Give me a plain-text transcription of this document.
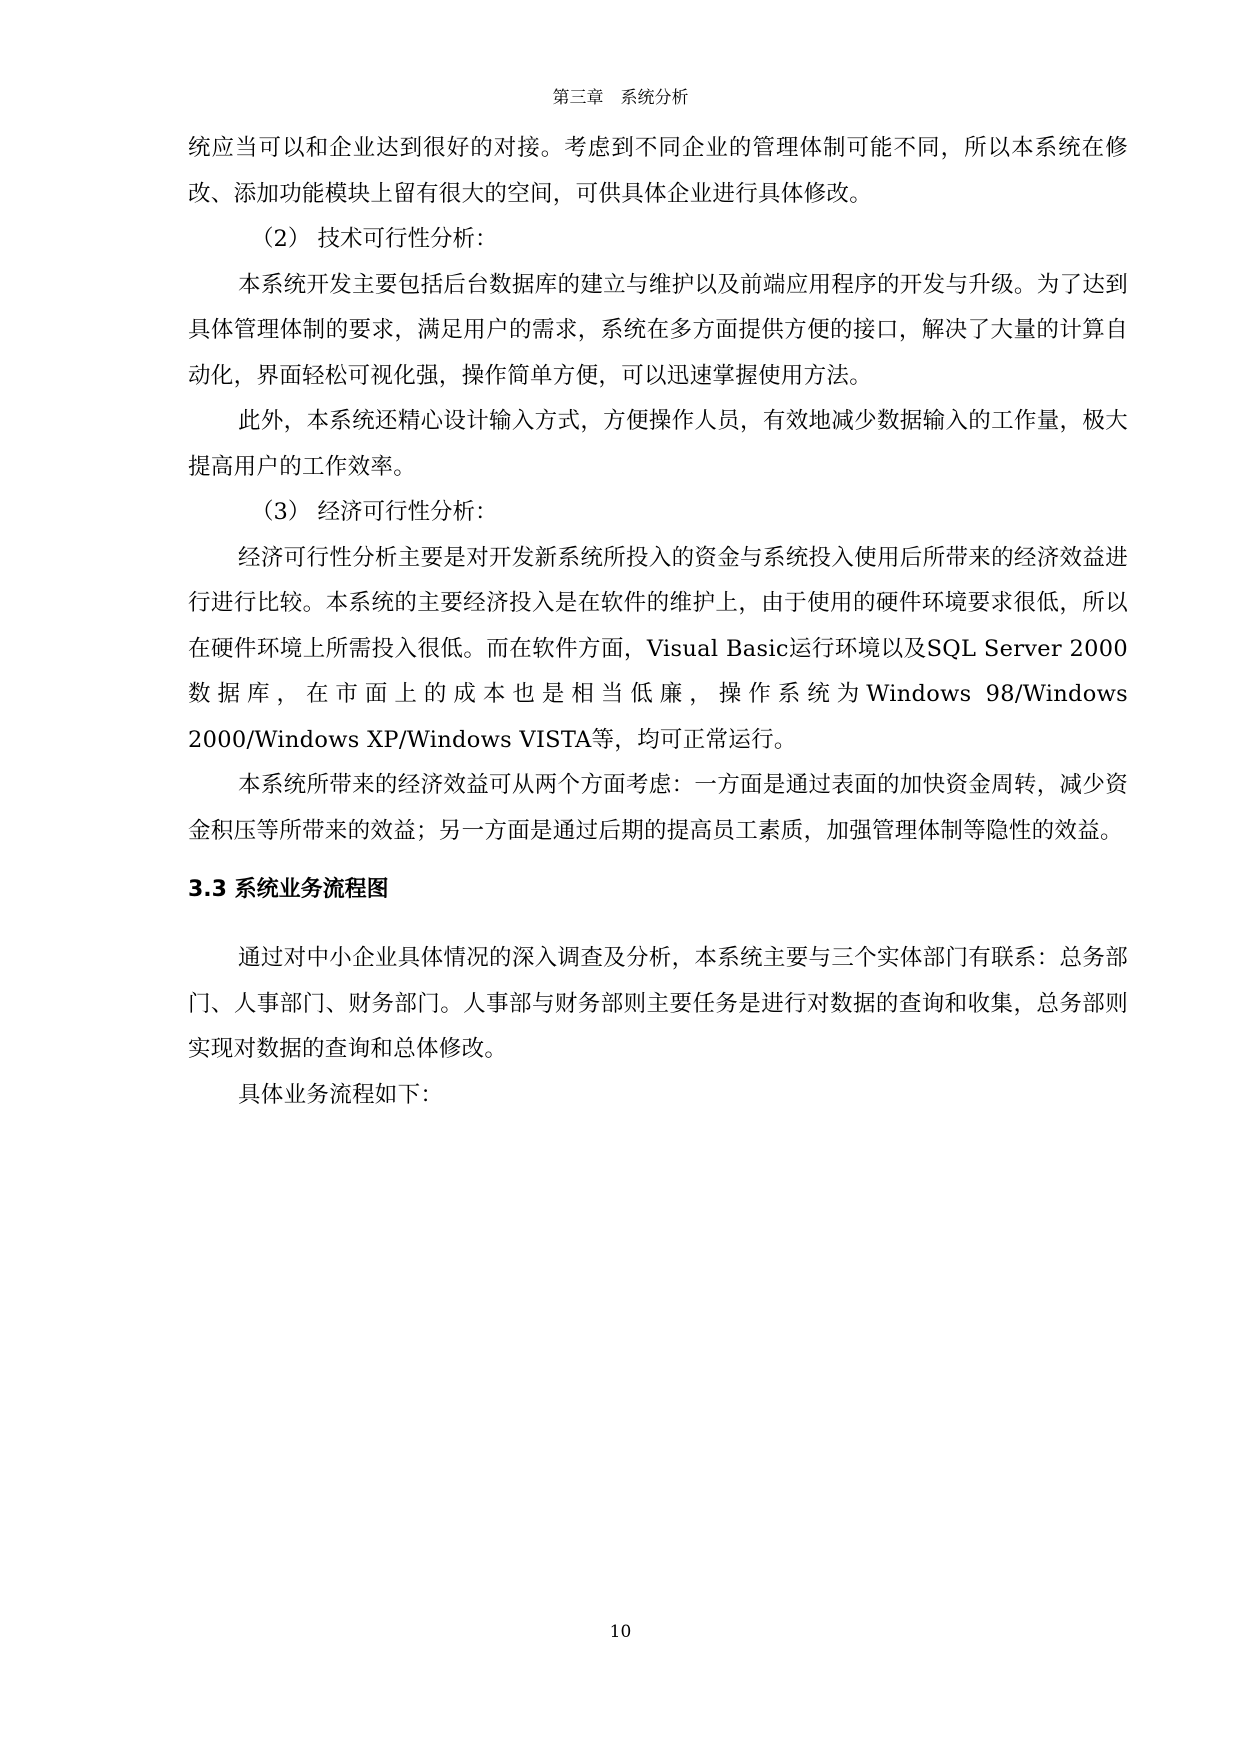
第三章　系统分析

统应当可以和企业达到很好的对接。考虑到不同企业的管理体制可能不同，所以本系统在修改、添加功能模块上留有很大的空间，可供具体企业进行具体修改。

（2） 技术可行性分析：

本系统开发主要包括后台数据库的建立与维护以及前端应用程序的开发与升级。为了达到具体管理体制的要求，满足用户的需求，系统在多方面提供方便的接口，解决了大量的计算自动化，界面轻松可视化强，操作简单方便，可以迅速掌握使用方法。

此外，本系统还精心设计输入方式，方便操作人员，有效地减少数据输入的工作量，极大提高用户的工作效率。

（3） 经济可行性分析：

经济可行性分析主要是对开发新系统所投入的资金与系统投入使用后所带来的经济效益进行进行比较。本系统的主要经济投入是在软件的维护上，由于使用的硬件环境要求很低，所以在硬件环境上所需投入很低。而在软件方面，Visual Basic运行环境以及SQL Server 2000数据库，在市面上的成本也是相当低廉，操作系统为Windows 98/Windows 2000/Windows XP/Windows VISTA等，均可正常运行。

本系统所带来的经济效益可从两个方面考虑：一方面是通过表面的加快资金周转，减少资金积压等所带来的效益；另一方面是通过后期的提高员工素质，加强管理体制等隐性的效益。

3.3 系统业务流程图

通过对中小企业具体情况的深入调查及分析，本系统主要与三个实体部门有联系：总务部门、人事部门、财务部门。人事部与财务部则主要任务是进行对数据的查询和收集，总务部则实现对数据的查询和总体修改。

具体业务流程如下：

10
